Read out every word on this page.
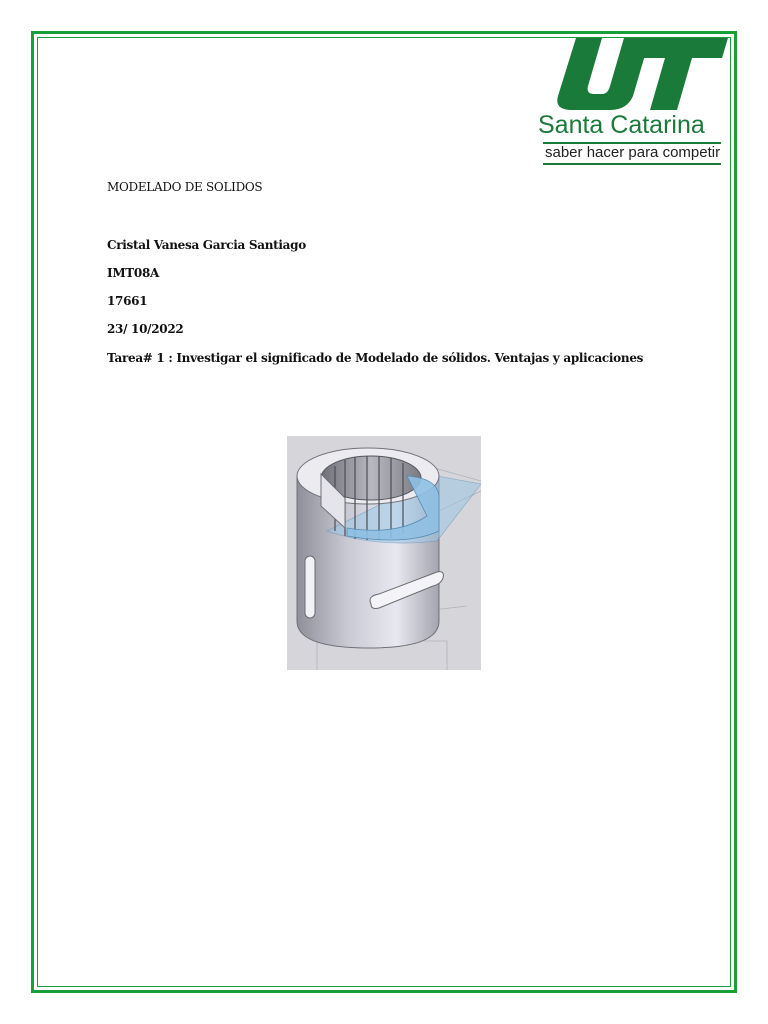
Santa Catarina
saber hacer para competir
MODELADO DE SOLIDOS
Cristal Vanesa Garcia Santiago
IMT08A
17661
23/ 10/2022
Tarea# 1 : Investigar el significado de Modelado de sólidos. Ventajas y aplicaciones
